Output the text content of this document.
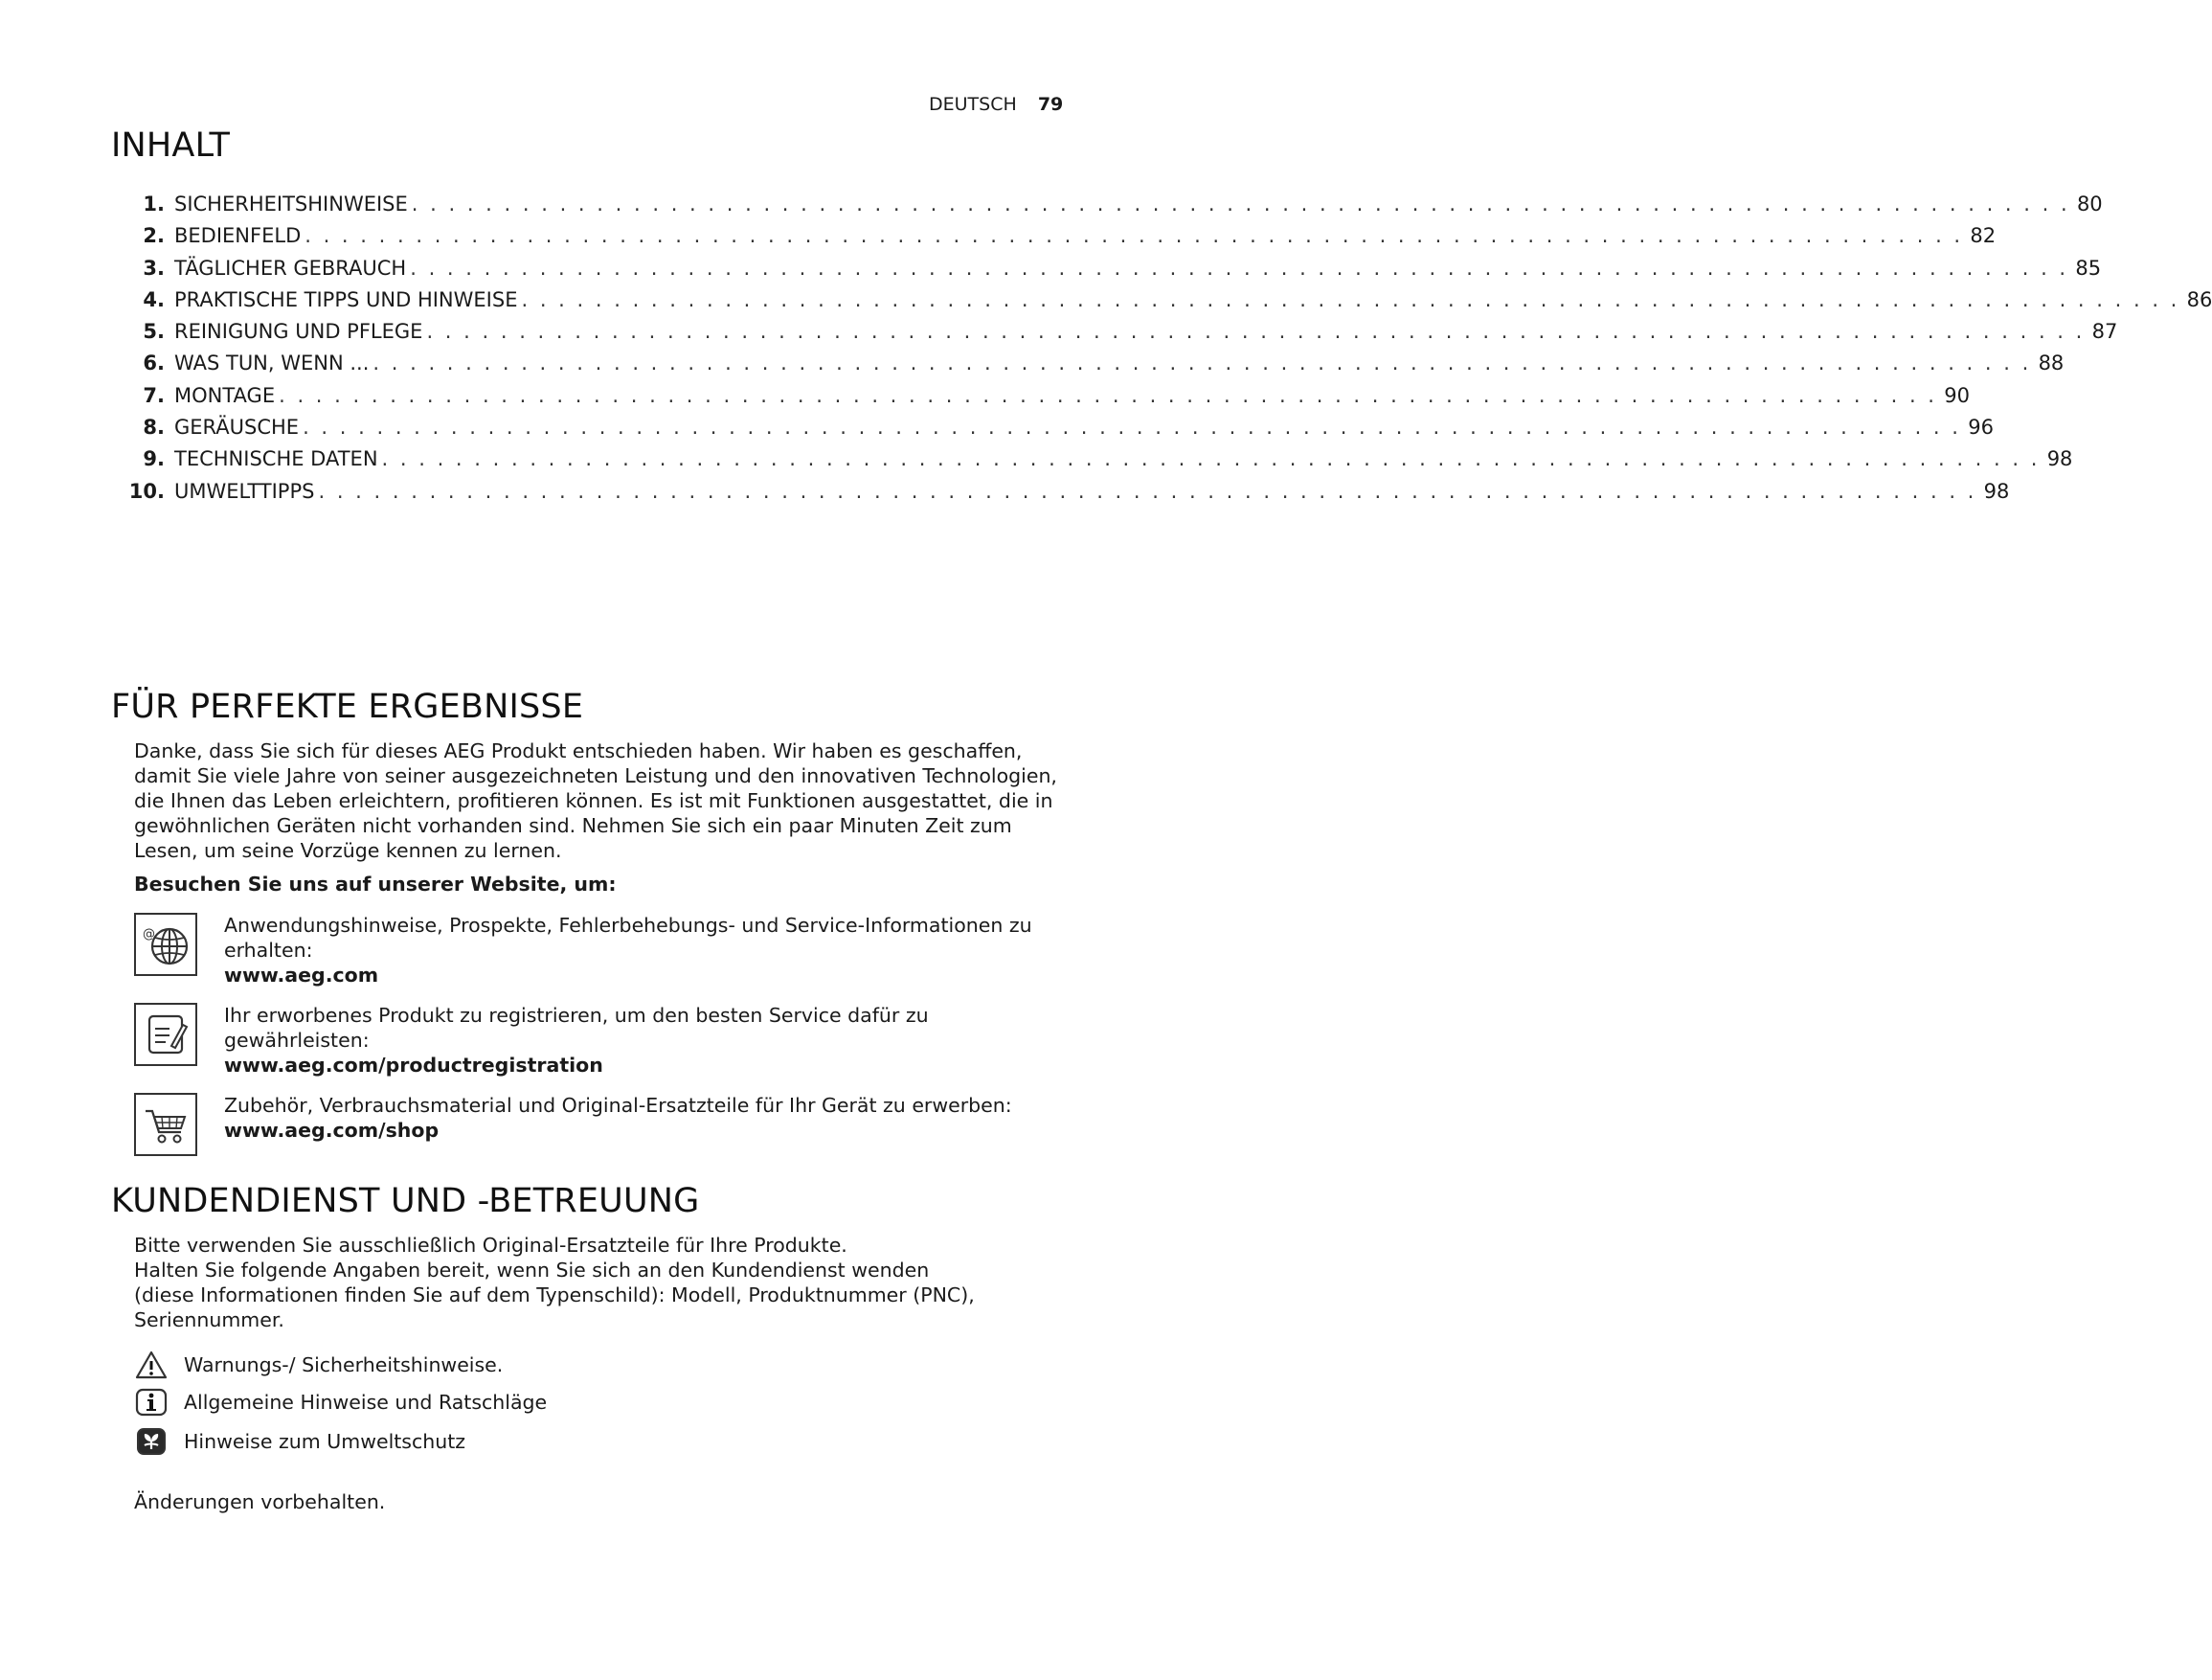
DEUTSCH 79
INHALT
1. SICHERHEITSHINWEISE . . . . . . . . . . . . . . . . . . . . . . . . . . . . . . . . . . . . . . . . . . . . . . . . . . . . . . . . . . . . . . . . . . . . . . . . . . . . . . . . . . . . . . . . . . 80
2. BEDIENFELD . . . . . . . . . . . . . . . . . . . . . . . . . . . . . . . . . . . . . . . . . . . . . . . . . . . . . . . . . . . . . . . . . . . . . . . . . . . . . . . . . . . . . . . . . . 82
3. TÄGLICHER GEBRAUCH . . . . . . . . . . . . . . . . . . . . . . . . . . . . . . . . . . . . . . . . . . . . . . . . . . . . . . . . . . . . . . . . . . . . . . . . . . . . . . . . . . . . . . . . . . 85
4. PRAKTISCHE TIPPS UND HINWEISE . . . . . . . . . . . . . . . . . . . . . . . . . . . . . . . . . . . . . . . . . . . . . . . . . . . . . . . . . . . . . . . . . . . . . . . . . . . . . . . . . . . . . . . . . . 86
5. REINIGUNG UND PFLEGE . . . . . . . . . . . . . . . . . . . . . . . . . . . . . . . . . . . . . . . . . . . . . . . . . . . . . . . . . . . . . . . . . . . . . . . . . . . . . . . . . . . . . . . . . . 87
6. WAS TUN, WENN ... . . . . . . . . . . . . . . . . . . . . . . . . . . . . . . . . . . . . . . . . . . . . . . . . . . . . . . . . . . . . . . . . . . . . . . . . . . . . . . . . . . . . . . . . . . 88
7. MONTAGE . . . . . . . . . . . . . . . . . . . . . . . . . . . . . . . . . . . . . . . . . . . . . . . . . . . . . . . . . . . . . . . . . . . . . . . . . . . . . . . . . . . . . . . . . . 90
8. GERÄUSCHE . . . . . . . . . . . . . . . . . . . . . . . . . . . . . . . . . . . . . . . . . . . . . . . . . . . . . . . . . . . . . . . . . . . . . . . . . . . . . . . . . . . . . . . . . . 96
9. TECHNISCHE DATEN . . . . . . . . . . . . . . . . . . . . . . . . . . . . . . . . . . . . . . . . . . . . . . . . . . . . . . . . . . . . . . . . . . . . . . . . . . . . . . . . . . . . . . . . . . 98
10. UMWELTTIPPS . . . . . . . . . . . . . . . . . . . . . . . . . . . . . . . . . . . . . . . . . . . . . . . . . . . . . . . . . . . . . . . . . . . . . . . . . . . . . . . . . . . . . . . . . . 98
FÜR PERFEKTE ERGEBNISSE
Danke, dass Sie sich für dieses AEG Produkt entschieden haben. Wir haben es geschaffen,
damit Sie viele Jahre von seiner ausgezeichneten Leistung und den innovativen Technologien,
die Ihnen das Leben erleichtern, profitieren können. Es ist mit Funktionen ausgestattet, die in
gewöhnlichen Geräten nicht vorhanden sind. Nehmen Sie sich ein paar Minuten Zeit zum
Lesen, um seine Vorzüge kennen zu lernen.
Besuchen Sie uns auf unserer Website, um:
@	Anwendungshinweise, Prospekte, Fehlerbehebungs- und Service-Informationen zu
erhalten:
www.aeg.com
Ihr erworbenes Produkt zu registrieren, um den besten Service dafür zu
gewährleisten:
www.aeg.com/productregistration
Zubehör, Verbrauchsmaterial und Original-Ersatzteile für Ihr Gerät zu erwerben:
www.aeg.com/shop
KUNDENDIENST UND -BETREUUNG
Bitte verwenden Sie ausschließlich Original-Ersatzteile für Ihre Produkte.
Halten Sie folgende Angaben bereit, wenn Sie sich an den Kundendienst wenden
(diese Informationen finden Sie auf dem Typenschild): Modell, Produktnummer (PNC),
Seriennummer.
Warnungs-/ Sicherheitshinweise.
Allgemeine Hinweise und Ratschläge
Hinweise zum Umweltschutz
Änderungen vorbehalten.
